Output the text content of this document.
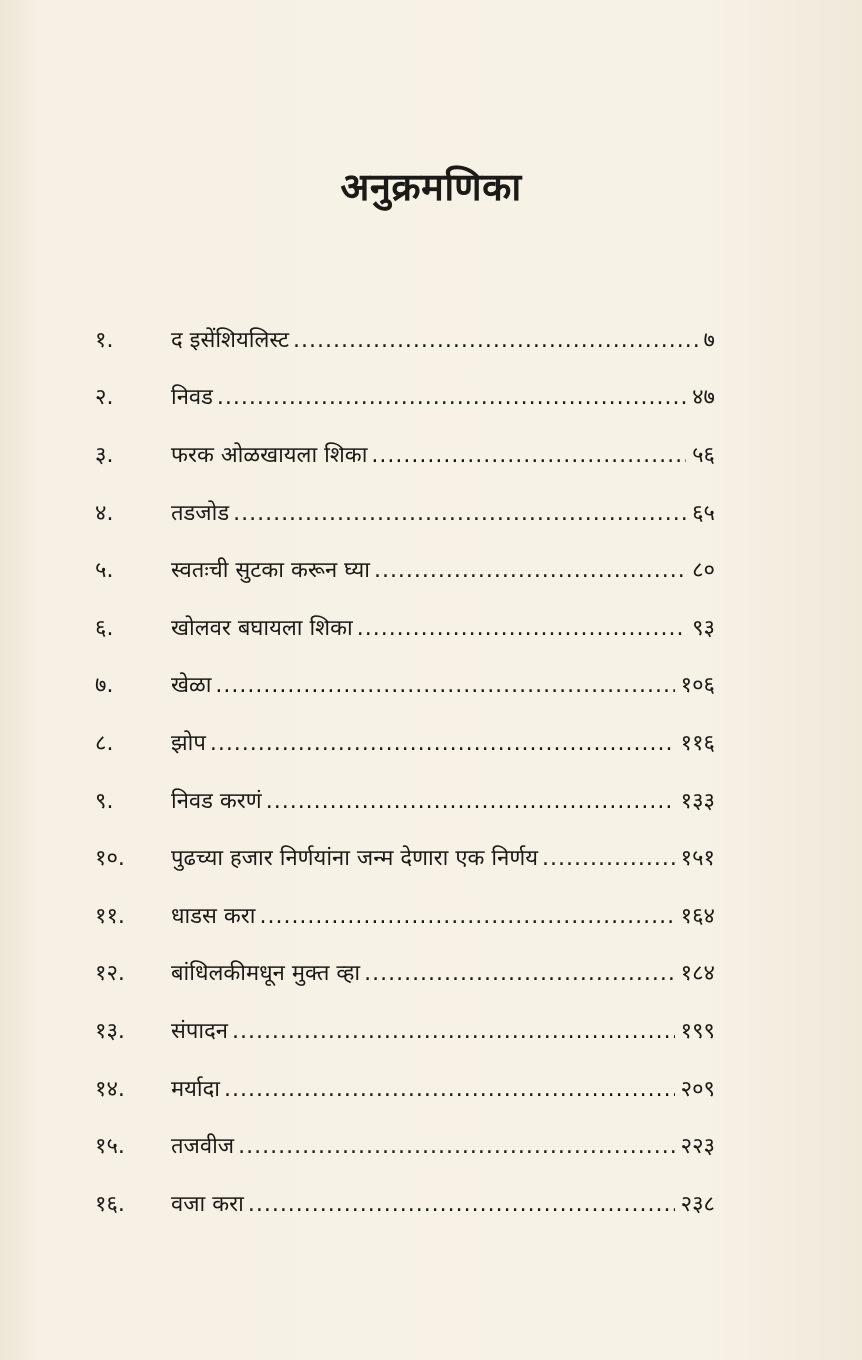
अनुक्रमणिका
१.	द इसेंशियलिस्ट .....	७
२.	निवड .....	४७
३.	फरक ओळखायला शिका .....	५६
४.	तडजोड .....	६५
५.	स्वतःची सुटका करून घ्या .....	८०
६.	खोलवर बघायला शिका .....	९३
७.	खेळा .....	१०६
८.	झोप .....	११६
९.	निवड करणं .....	१३३
१०.	पुढच्या हजार निर्णयांना जन्म देणारा एक निर्णय .....	१५१
११.	धाडस करा .....	१६४
१२.	बांधिलकीमधून मुक्त व्हा .....	१८४
१३.	संपादन .....	१९९
१४.	मर्यादा .....	२०९
१५.	तजवीज .....	२२३
१६.	वजा करा .....	२३८
